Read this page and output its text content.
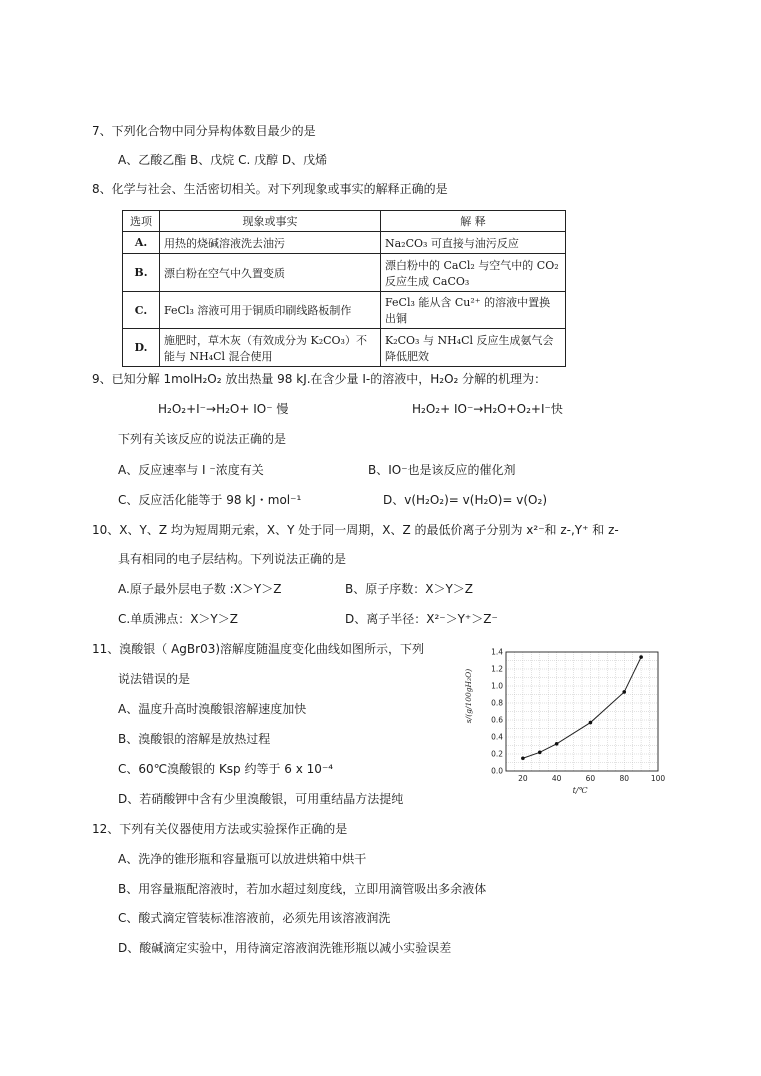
7、下列化合物中同分异构体数目最少的是
A、乙酸乙酯 B、戊烷 C. 戊醇 D、戊烯
8、化学与社会、生活密切相关。对下列现象或事实的解释正确的是
选项	现象或事实	解 释
A.	用热的烧碱溶液洗去油污	Na₂CO₃ 可直接与油污反应
B.	漂白粉在空气中久置变质	漂白粉中的 CaCl₂ 与空气中的 CO₂ 反应生成 CaCO₃
C.	FeCl₃ 溶液可用于铜质印刷线路板制作	FeCl₃ 能从含 Cu²⁺ 的溶液中置换出铜
D.	施肥时，草木灰（有效成分为 K₂CO₃）不能与 NH₄Cl 混合使用	K₂CO₃ 与 NH₄Cl 反应生成氨气会降低肥效
9、已知分解 1molH₂O₂ 放出热量 98 kJ.在含少量 I-的溶液中，H₂O₂ 分解的机理为：
H₂O₂+I⁻→H₂O+ IO⁻ 慢	H₂O₂+ IO⁻→H₂O+O₂+I⁻快
下列有关该反应的说法正确的是
A、反应速率与 I ⁻浓度有关	B、IO⁻也是该反应的催化剂
C、反应活化能等于 98 kJ・mol⁻¹	D、v(H₂O₂)= v(H₂O)= v(O₂)
10、X、Y、Z 均为短周期元索，X、Y 处于同一周期，X、Z 的最低价离子分别为 x²⁻和 z-,Y⁺ 和 z-
具有相同的电子层结构。下列说法正确的是
A.原子最外层电子数 :X＞Y＞Z	B、原子序数：X＞Y＞Z
C.单质沸点：X＞Y＞Z	D、离子半径：X²⁻＞Y⁺＞Z⁻
11、溴酸银（ AgBr03)溶解度随温度变化曲线如图所示，下列
说法错误的是
A、温度升高时溴酸银溶解速度加快
B、溴酸银的溶解是放热过程
C、60℃溴酸银的 Ksp 约等于 6 x 10⁻⁴
D、若硝酸钾中含有少里溴酸银，可用重结晶方法提纯
20	40	60	80	100
0.0
0.2
0.4
0.6
0.8
1.0
1.2
1.4
s/(g/100gH₂O)
t/℃
12、下列有关仪器使用方法或实验探作正确的是
A、洗净的锥形瓶和容量瓶可以放进烘箱中烘干
B、用容量瓶配溶液时，若加水超过刻度线，立即用滴管吸出多余液体
C、酸式滴定管装标准溶液前，必须先用该溶液润洗
D、酸碱滴定实验中，用待滴定溶液润洗锥形瓶以减小实验误差
